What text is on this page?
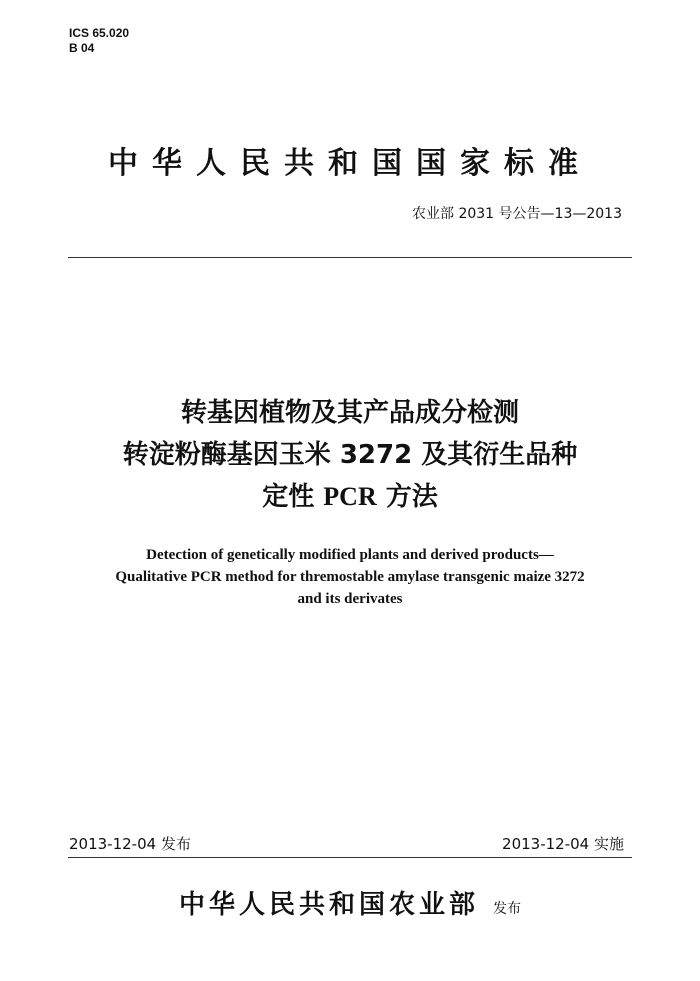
ICS 65.020
B 04
中华人民共和国国家标准
农业部 2031 号公告—13—2013
转基因植物及其产品成分检测
转淀粉酶基因玉米 3272 及其衍生品种
定性 PCR 方法
Detection of genetically modified plants and derived products—
Qualitative PCR method for thremostable amylase transgenic maize 3272
and its derivates
2013-12-04 发布	2013-12-04 实施
中华人民共和国农业部 发布
